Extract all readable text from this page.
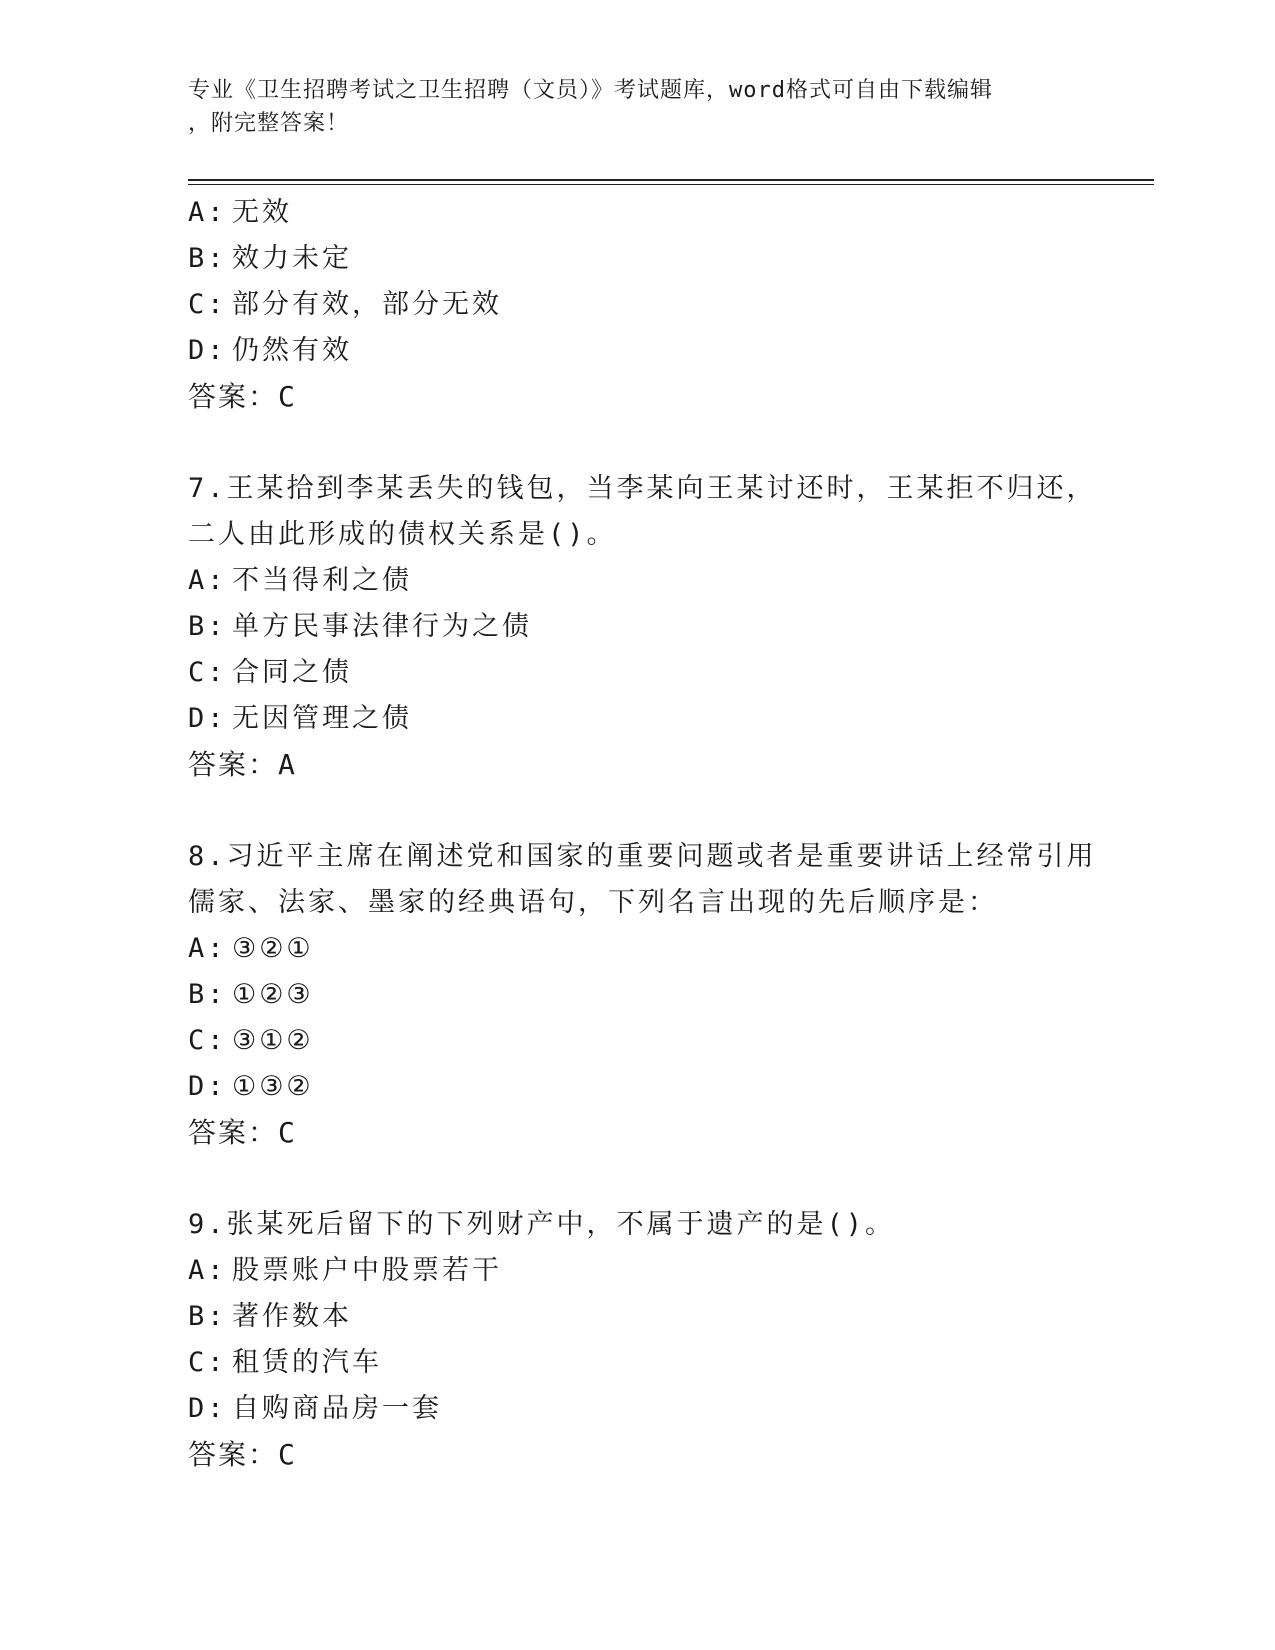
专业《卫生招聘考试之卫生招聘（文员）》考试题库，word格式可自由下载编辑
，附完整答案！
A: 无效
B: 效力未定
C: 部分有效，部分无效
D: 仍然有效
答案：C
7.王某拾到李某丢失的钱包，当李某向王某讨还时，王某拒不归还，
二人由此形成的债权关系是()。
A: 不当得利之债
B: 单方民事法律行为之债
C: 合同之债
D: 无因管理之债
答案：A
8.习近平主席在阐述党和国家的重要问题或者是重要讲话上经常引用
儒家、法家、墨家的经典语句，下列名言出现的先后顺序是：
A: ③②①
B: ①②③
C: ③①②
D: ①③②
答案：C
9.张某死后留下的下列财产中，不属于遗产的是()。
A: 股票账户中股票若干
B: 著作数本
C: 租赁的汽车
D: 自购商品房一套
答案：C
